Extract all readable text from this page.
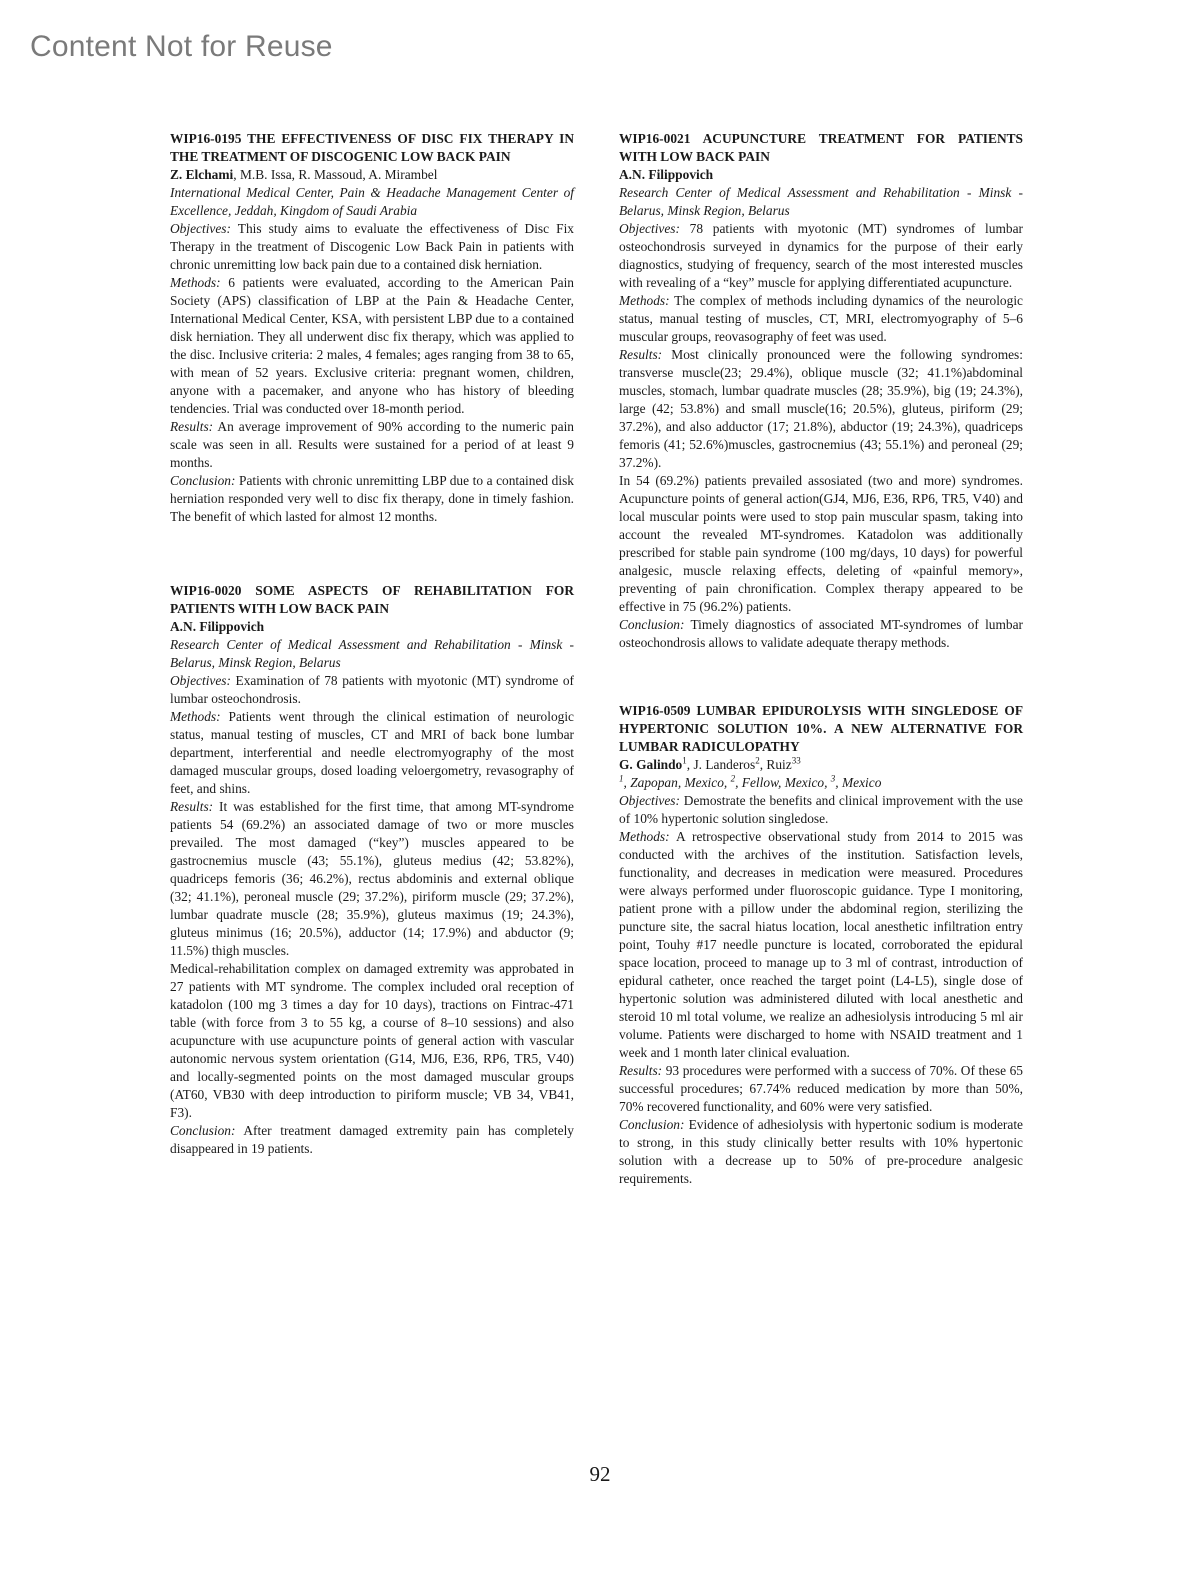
Content Not for Reuse

WIP16-0195 THE EFFECTIVENESS OF DISC FIX THERAPY IN THE TREATMENT OF DISCOGENIC LOW BACK PAIN

Z. Elchami, M.B. Issa, R. Massoud, A. Mirambel

International Medical Center, Pain & Headache Management Center of Excellence, Jeddah, Kingdom of Saudi Arabia

Objectives: This study aims to evaluate the effectiveness of Disc Fix Therapy in the treatment of Discogenic Low Back Pain in patients with chronic unremitting low back pain due to a contained disk herniation.

Methods: 6 patients were evaluated, according to the American Pain Society (APS) classification of LBP at the Pain & Headache Center, International Medical Center, KSA, with persistent LBP due to a contained disk herniation. They all underwent disc fix therapy, which was applied to the disc. Inclusive criteria: 2 males, 4 females; ages ranging from 38 to 65, with mean of 52 years. Exclusive criteria: pregnant women, children, anyone with a pacemaker, and anyone who has history of bleeding tendencies. Trial was conducted over 18-month period.

Results: An average improvement of 90% according to the numeric pain scale was seen in all. Results were sustained for a period of at least 9 months.

Conclusion: Patients with chronic unremitting LBP due to a contained disk herniation responded very well to disc fix therapy, done in timely fashion. The benefit of which lasted for almost 12 months.

WIP16-0020 SOME ASPECTS OF REHABILITATION FOR PATIENTS WITH LOW BACK PAIN

A.N. Filippovich

Research Center of Medical Assessment and Rehabilitation - Minsk - Belarus, Minsk Region, Belarus

Objectives: Examination of 78 patients with myotonic (MT) syndrome of lumbar osteochondrosis.

Methods: Patients went through the clinical estimation of neurologic status, manual testing of muscles, CT and MRI of back bone lumbar department, interferential and needle electromyography of the most damaged muscular groups, dosed loading veloergometry, revasography of feet, and shins.

Results: It was established for the first time, that among MT-syndrome patients 54 (69.2%) an associated damage of two or more muscles prevailed. The most damaged (“key”) muscles appeared to be gastrocnemius muscle (43; 55.1%), gluteus medius (42; 53.82%), quadriceps femoris (36; 46.2%), rectus abdominis and external oblique (32; 41.1%), peroneal muscle (29; 37.2%), piriform muscle (29; 37.2%), lumbar quadrate muscle (28; 35.9%), gluteus maximus (19; 24.3%), gluteus minimus (16; 20.5%), adductor (14; 17.9%) and abductor (9; 11.5%) thigh muscles.

Medical-rehabilitation complex on damaged extremity was approbated in 27 patients with MT syndrome. The complex included oral reception of katadolon (100 mg 3 times a day for 10 days), tractions on Fintrac-471 table (with force from 3 to 55 kg, a course of 8–10 sessions) and also acupuncture with use acupuncture points of general action with vascular autonomic nervous system orientation (G14, MJ6, E36, RP6, TR5, V40) and locally-segmented points on the most damaged muscular groups (AT60, VB30 with deep introduction to piriform muscle; VB 34, VB41, F3).

Conclusion: After treatment damaged extremity pain has completely disappeared in 19 patients.

WIP16-0021 ACUPUNCTURE TREATMENT FOR PATIENTS WITH LOW BACK PAIN

A.N. Filippovich

Research Center of Medical Assessment and Rehabilitation - Minsk - Belarus, Minsk Region, Belarus

Objectives: 78 patients with myotonic (MT) syndromes of lumbar osteochondrosis surveyed in dynamics for the purpose of their early diagnostics, studying of frequency, search of the most interested muscles with revealing of a “key” muscle for applying differentiated acupuncture.

Methods: The complex of methods including dynamics of the neurologic status, manual testing of muscles, CT, MRI, electromyography of 5–6 muscular groups, reovasography of feet was used.

Results: Most clinically pronounced were the following syndromes: transverse muscle(23; 29.4%), oblique muscle (32; 41.1%)abdominal muscles, stomach, lumbar quadrate muscles (28; 35.9%), big (19; 24.3%), large (42; 53.8%) and small muscle(16; 20.5%), gluteus, piriform (29; 37.2%), and also adductor (17; 21.8%), abductor (19; 24.3%), quadriceps femoris (41; 52.6%)muscles, gastrocnemius (43; 55.1%) and peroneal (29; 37.2%).

In 54 (69.2%) patients prevailed assosiated (two and more) syndromes. Acupuncture points of general action(GJ4, MJ6, E36, RP6, TR5, V40) and local muscular points were used to stop pain muscular spasm, taking into account the revealed MT-syndromes. Katadolon was additionally prescribed for stable pain syndrome (100 mg/days, 10 days) for powerful analgesic, muscle relaxing effects, deleting of «painful memory», preventing of pain chronification. Complex therapy appeared to be effective in 75 (96.2%) patients.

Conclusion: Timely diagnostics of associated MT-syndromes of lumbar osteochondrosis allows to validate adequate therapy methods.

WIP16-0509 LUMBAR EPIDUROLYSIS WITH SINGLEDOSE OF HYPERTONIC SOLUTION 10%. A NEW ALTERNATIVE FOR LUMBAR RADICULOPATHY

G. Galindo$^1$, J. Landeros$^2$, Ruiz$^{33}$

$^1$, Zapopan, Mexico, $^2$, Fellow, Mexico, $^3$, Mexico

Objectives: Demostrate the benefits and clinical improvement with the use of 10% hypertonic solution singledose.

Methods: A retrospective observational study from 2014 to 2015 was conducted with the archives of the institution. Satisfaction levels, functionality, and decreases in medication were measured. Procedures were always performed under fluoroscopic guidance. Type I monitoring, patient prone with a pillow under the abdominal region, sterilizing the puncture site, the sacral hiatus location, local anesthetic infiltration entry point, Touhy #17 needle puncture is located, corroborated the epidural space location, proceed to manage up to 3 ml of contrast, introduction of epidural catheter, once reached the target point (L4-L5), single dose of hypertonic solution was administered diluted with local anesthetic and steroid 10 ml total volume, we realize an adhesiolysis introducing 5 ml air volume. Patients were discharged to home with NSAID treatment and 1 week and 1 month later clinical evaluation.

Results: 93 procedures were performed with a success of 70%. Of these 65 successful procedures; 67.74% reduced medication by more than 50%, 70% recovered functionality, and 60% were very satisfied.

Conclusion: Evidence of adhesiolysis with hypertonic sodium is moderate to strong, in this study clinically better results with 10% hypertonic solution with a decrease up to 50% of pre-procedure analgesic requirements.

92
